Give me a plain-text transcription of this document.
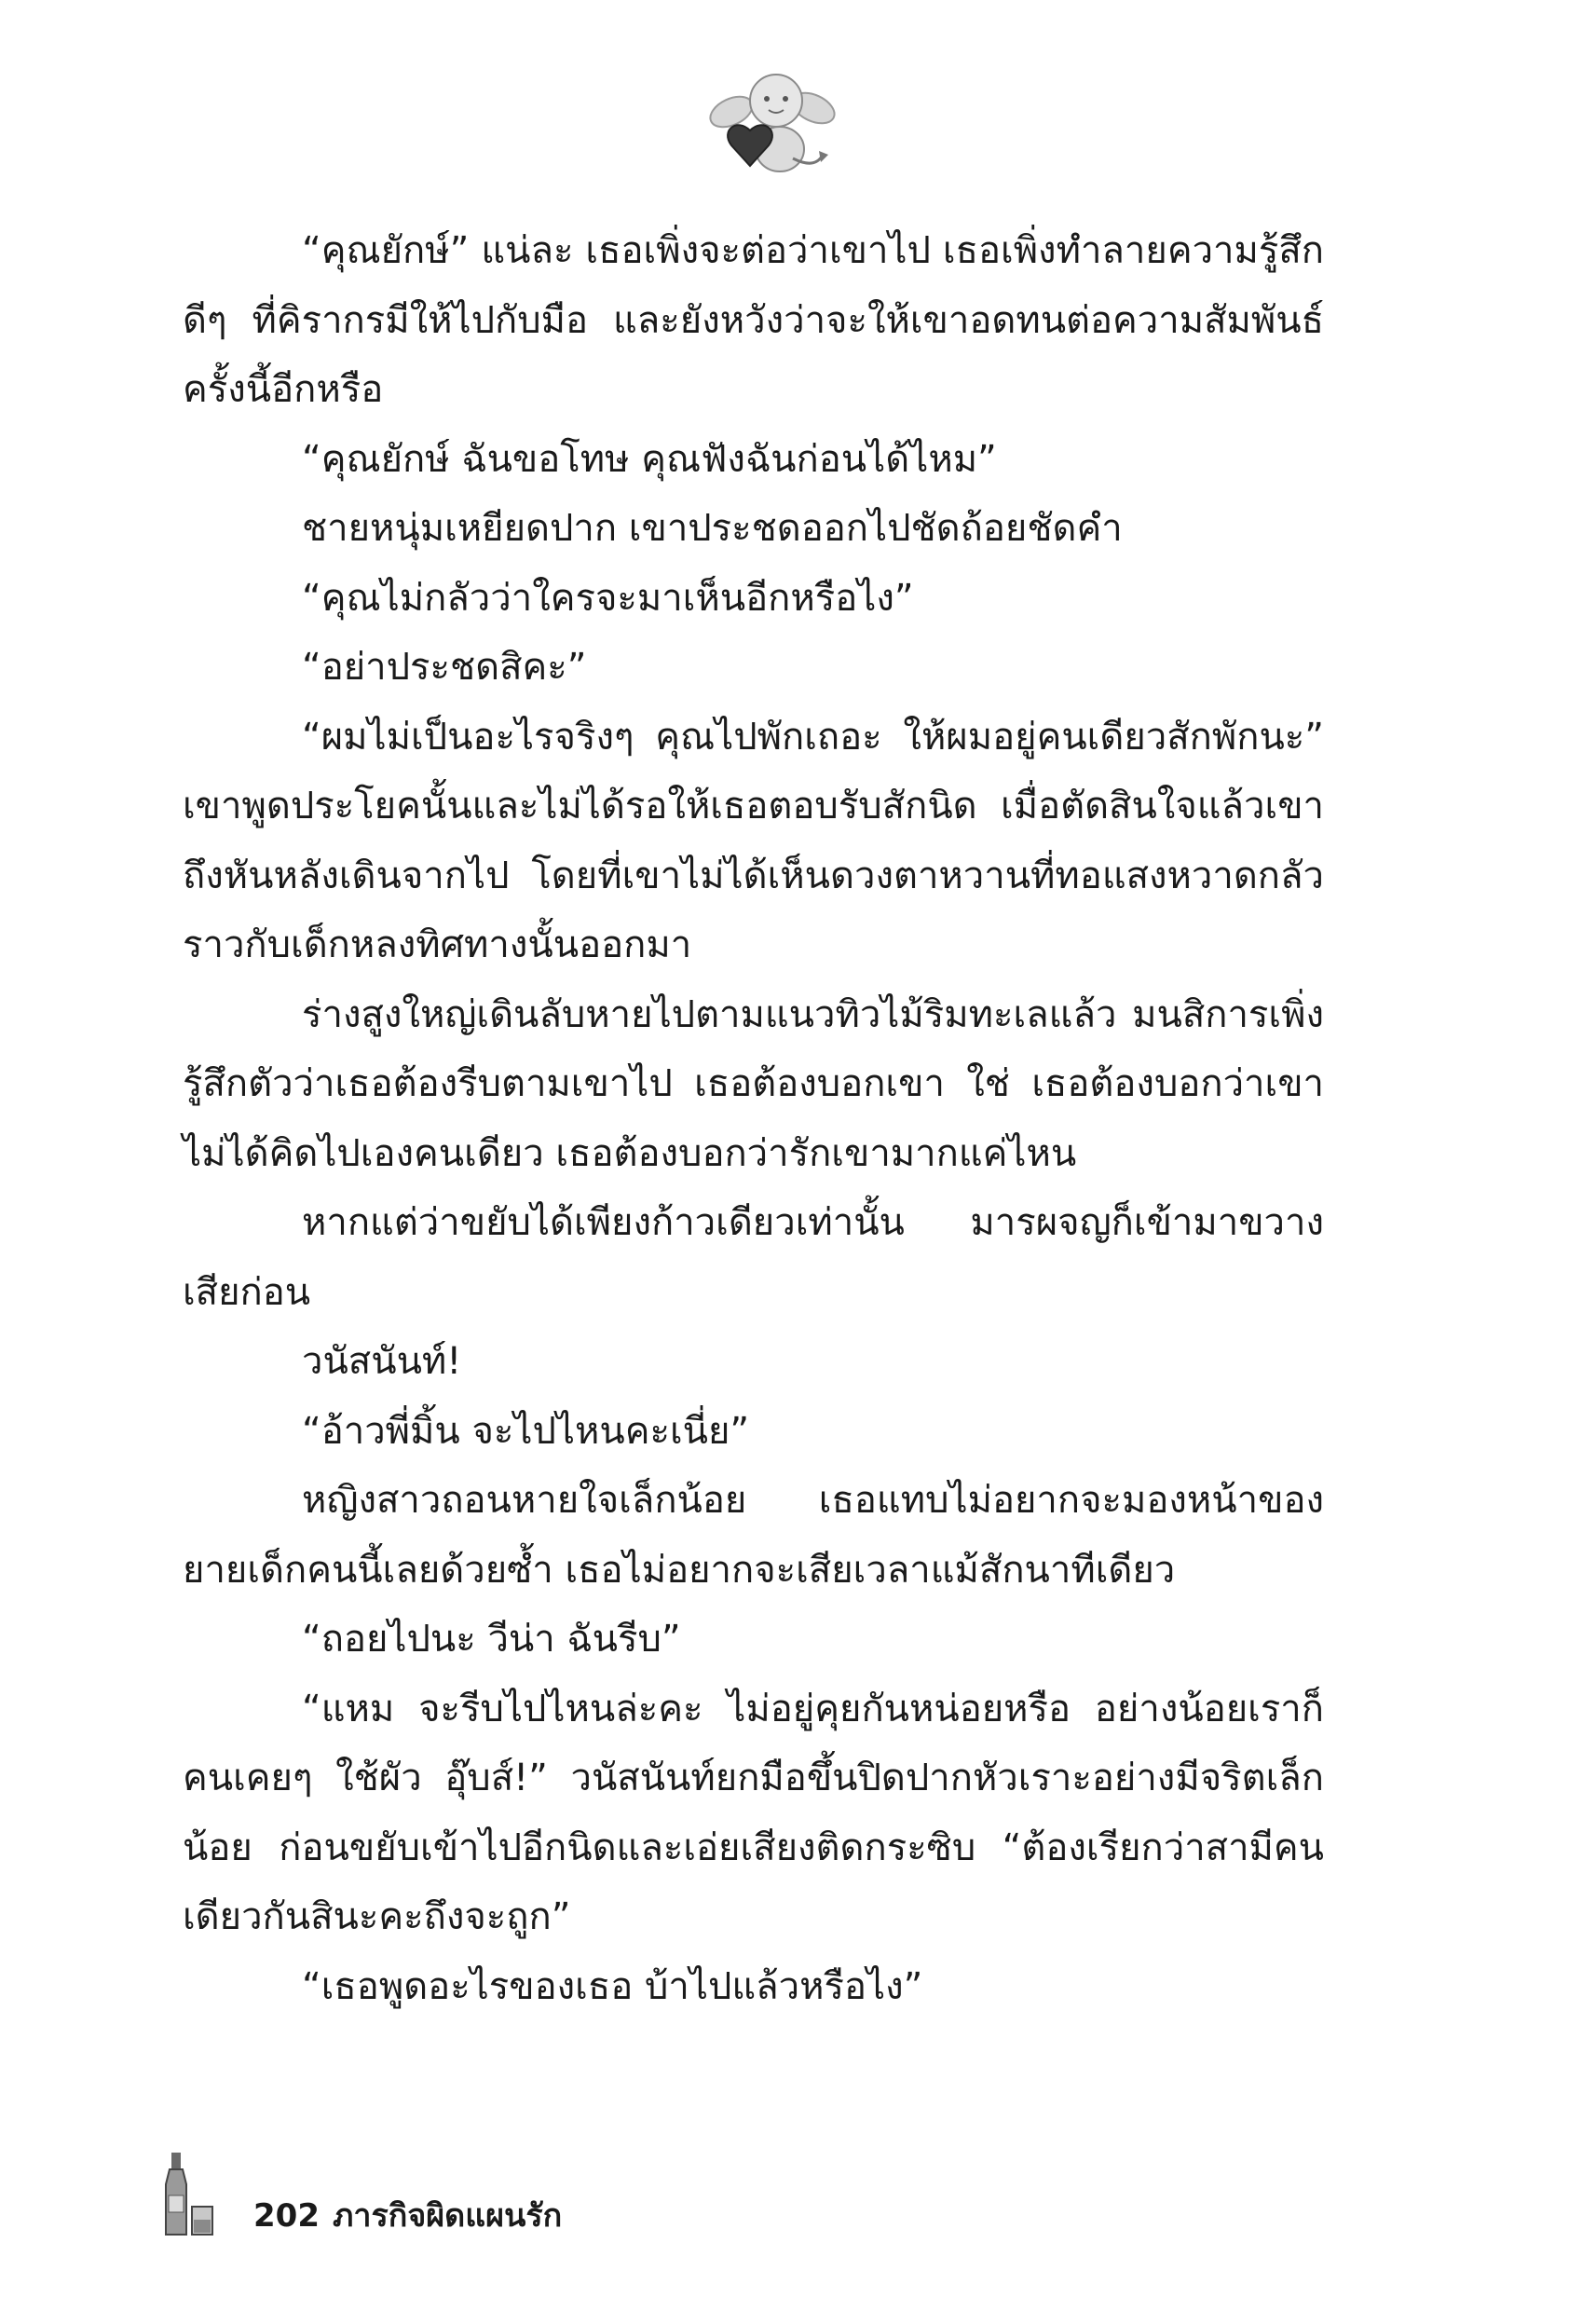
“คุณยักษ์” แน่ละ เธอเพิ่งจะต่อว่าเขาไป เธอเพิ่งทำลายความรู้สึกดีๆ ที่คิรากรมีให้ไปกับมือ และยังหวังว่าจะให้เขาอดทนต่อความสัมพันธ์ครั้งนี้อีกหรือ

“คุณยักษ์ ฉันขอโทษ คุณฟังฉันก่อนได้ไหม”

ชายหนุ่มเหยียดปาก เขาประชดออกไปชัดถ้อยชัดคำ

“คุณไม่กลัวว่าใครจะมาเห็นอีกหรือไง”

“อย่าประชดสิคะ”

“ผมไม่เป็นอะไรจริงๆ คุณไปพักเถอะ ให้ผมอยู่คนเดียวสักพักนะ” เขาพูดประโยคนั้นและไม่ได้รอให้เธอตอบรับสักนิด เมื่อตัดสินใจแล้วเขาถึงหันหลังเดินจากไป โดยที่เขาไม่ได้เห็นดวงตาหวานที่ทอแสงหวาดกลัว ราวกับเด็กหลงทิศทางนั้นออกมา

ร่างสูงใหญ่เดินลับหายไปตามแนวทิวไม้ริมทะเลแล้ว มนสิการเพิ่งรู้สึกตัวว่าเธอต้องรีบตามเขาไป เธอต้องบอกเขา ใช่ เธอต้องบอกว่าเขาไม่ได้คิดไปเองคนเดียว เธอต้องบอกว่ารักเขามากแค่ไหน

หากแต่ว่าขยับได้เพียงก้าวเดียวเท่านั้น มารผจญก็เข้ามาขวางเสียก่อน

วนัสนันท์!

“อ้าวพี่มิ้น จะไปไหนคะเนี่ย”

หญิงสาวถอนหายใจเล็กน้อย เธอแทบไม่อยากจะมองหน้าของยายเด็กคนนี้เลยด้วยซ้ำ เธอไม่อยากจะเสียเวลาแม้สักนาทีเดียว

“ถอยไปนะ วีน่า ฉันรีบ”

“แหม จะรีบไปไหนล่ะคะ ไม่อยู่คุยกันหน่อยหรือ อย่างน้อยเราก็คนเคยๆ ใช้ผัว อุ๊บส์!” วนัสนันท์ยกมือขึ้นปิดปากหัวเราะอย่างมีจริตเล็กน้อย ก่อนขยับเข้าไปอีกนิดและเอ่ยเสียงติดกระซิบ “ต้องเรียกว่าสามีคนเดียวกันสินะคะถึงจะถูก”

“เธอพูดอะไรของเธอ บ้าไปแล้วหรือไง”

202 ภารกิจผิดแผนรัก
